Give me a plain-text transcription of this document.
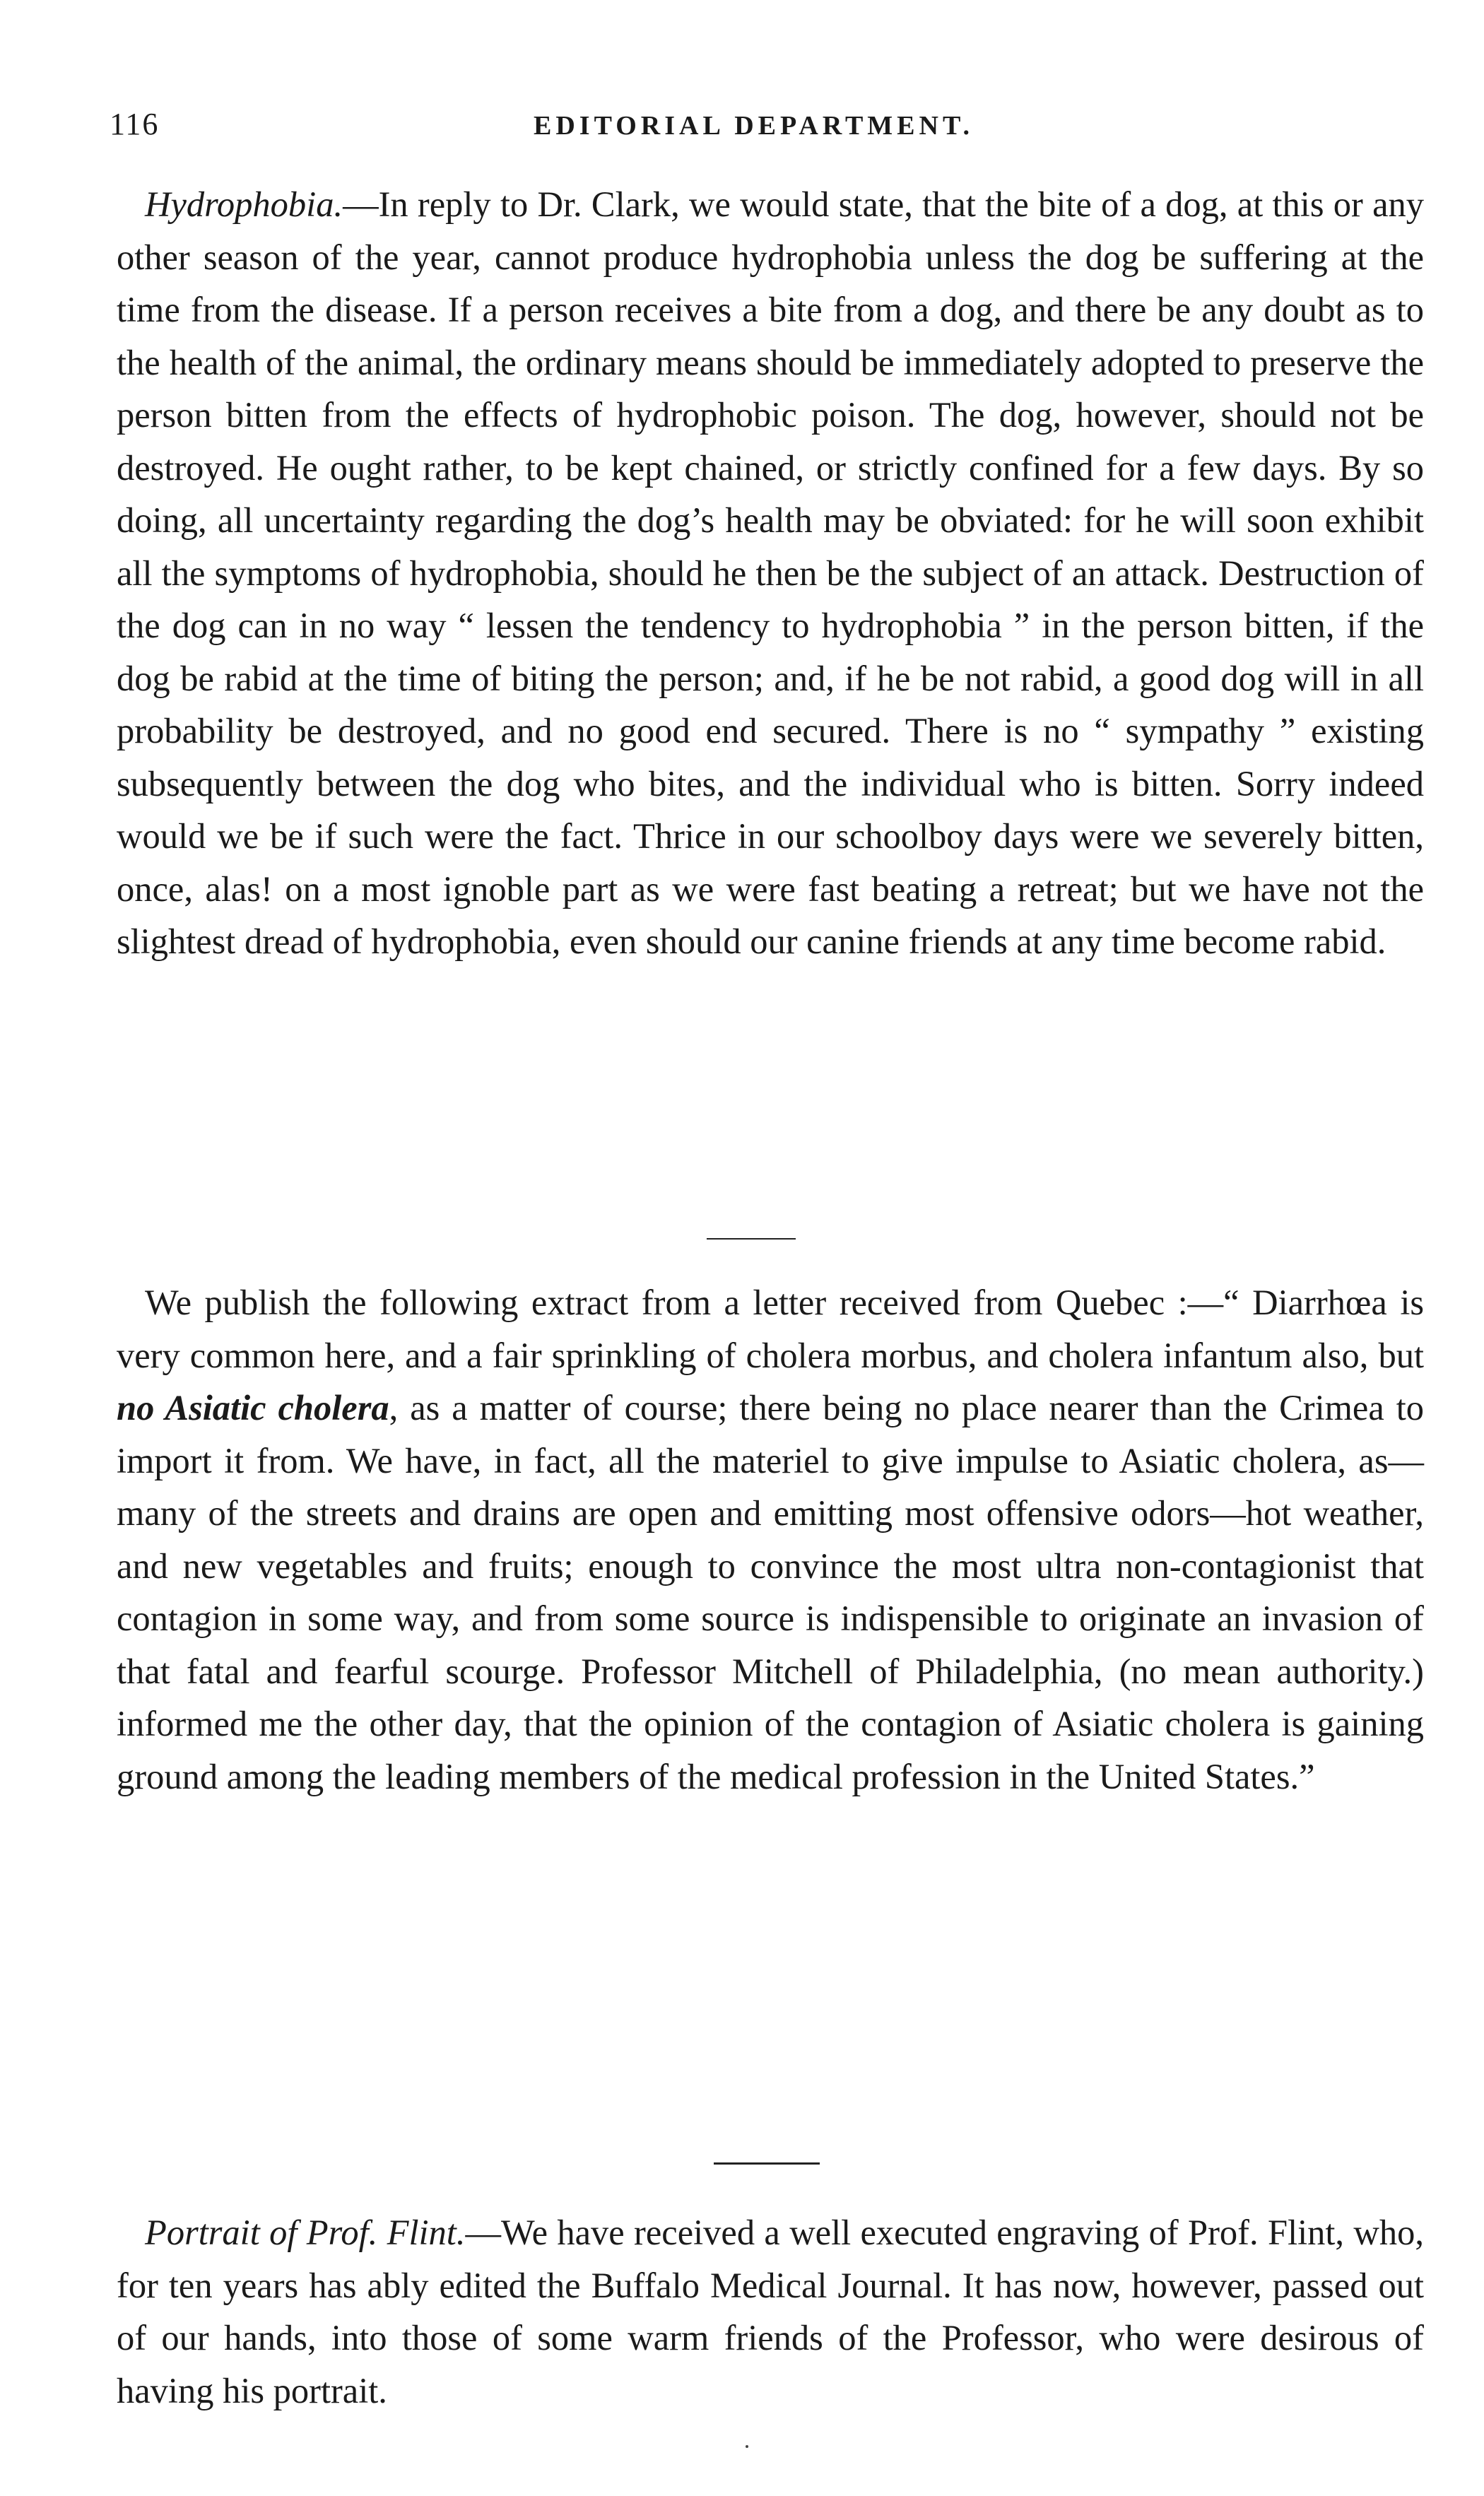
116	EDITORIAL DEPARTMENT.

Hydrophobia.—In reply to Dr. Clark, we would state, that the bite of a dog, at this or any other season of the year, cannot produce hydrophobia unless the dog be suffering at the time from the disease. If a person receives a bite from a dog, and there be any doubt as to the health of the animal, the ordinary means should be immediately adopted to preserve the person bitten from the effects of hydrophobic poison. The dog, however, should not be destroyed. He ought rather, to be kept chained, or strictly confined for a few days. By so doing, all uncertainty regarding the dog’s health may be obviated: for he will soon exhibit all the symptoms of hydrophobia, should he then be the subject of an attack. Destruction of the dog can in no way “ lessen the tendency to hydrophobia ” in the person bitten, if the dog be rabid at the time of biting the person; and, if he be not rabid, a good dog will in all probability be destroyed, and no good end secured. There is no “ sympathy ” existing subsequently between the dog who bites, and the individual who is bitten. Sorry indeed would we be if such were the fact. Thrice in our schoolboy days were we severely bitten, once, alas! on a most ignoble part as we were fast beating a retreat; but we have not the slightest dread of hydrophobia, even should our canine friends at any time become rabid.

We publish the following extract from a letter received from Quebec :—“ Diarrhœa is very common here, and a fair sprinkling of cholera morbus, and cholera infantum also, but no Asiatic cholera, as a matter of course; there being no place nearer than the Crimea to import it from. We have, in fact, all the materiel to give impulse to Asiatic cholera, as—many of the streets and drains are open and emitting most offensive odors—hot weather, and new vegetables and fruits; enough to convince the most ultra non-contagionist that contagion in some way, and from some source is indispensible to originate an invasion of that fatal and fearful scourge. Professor Mitchell of Philadelphia, (no mean authority.) informed me the other day, that the opinion of the contagion of Asiatic cholera is gaining ground among the leading members of the medical profession in the United States.”

Portrait of Prof. Flint.—We have received a well executed engraving of Prof. Flint, who, for ten years has ably edited the Buffalo Medical Journal. It has now, however, passed out of our hands, into those of some warm friends of the Professor, who were desirous of having his portrait.
